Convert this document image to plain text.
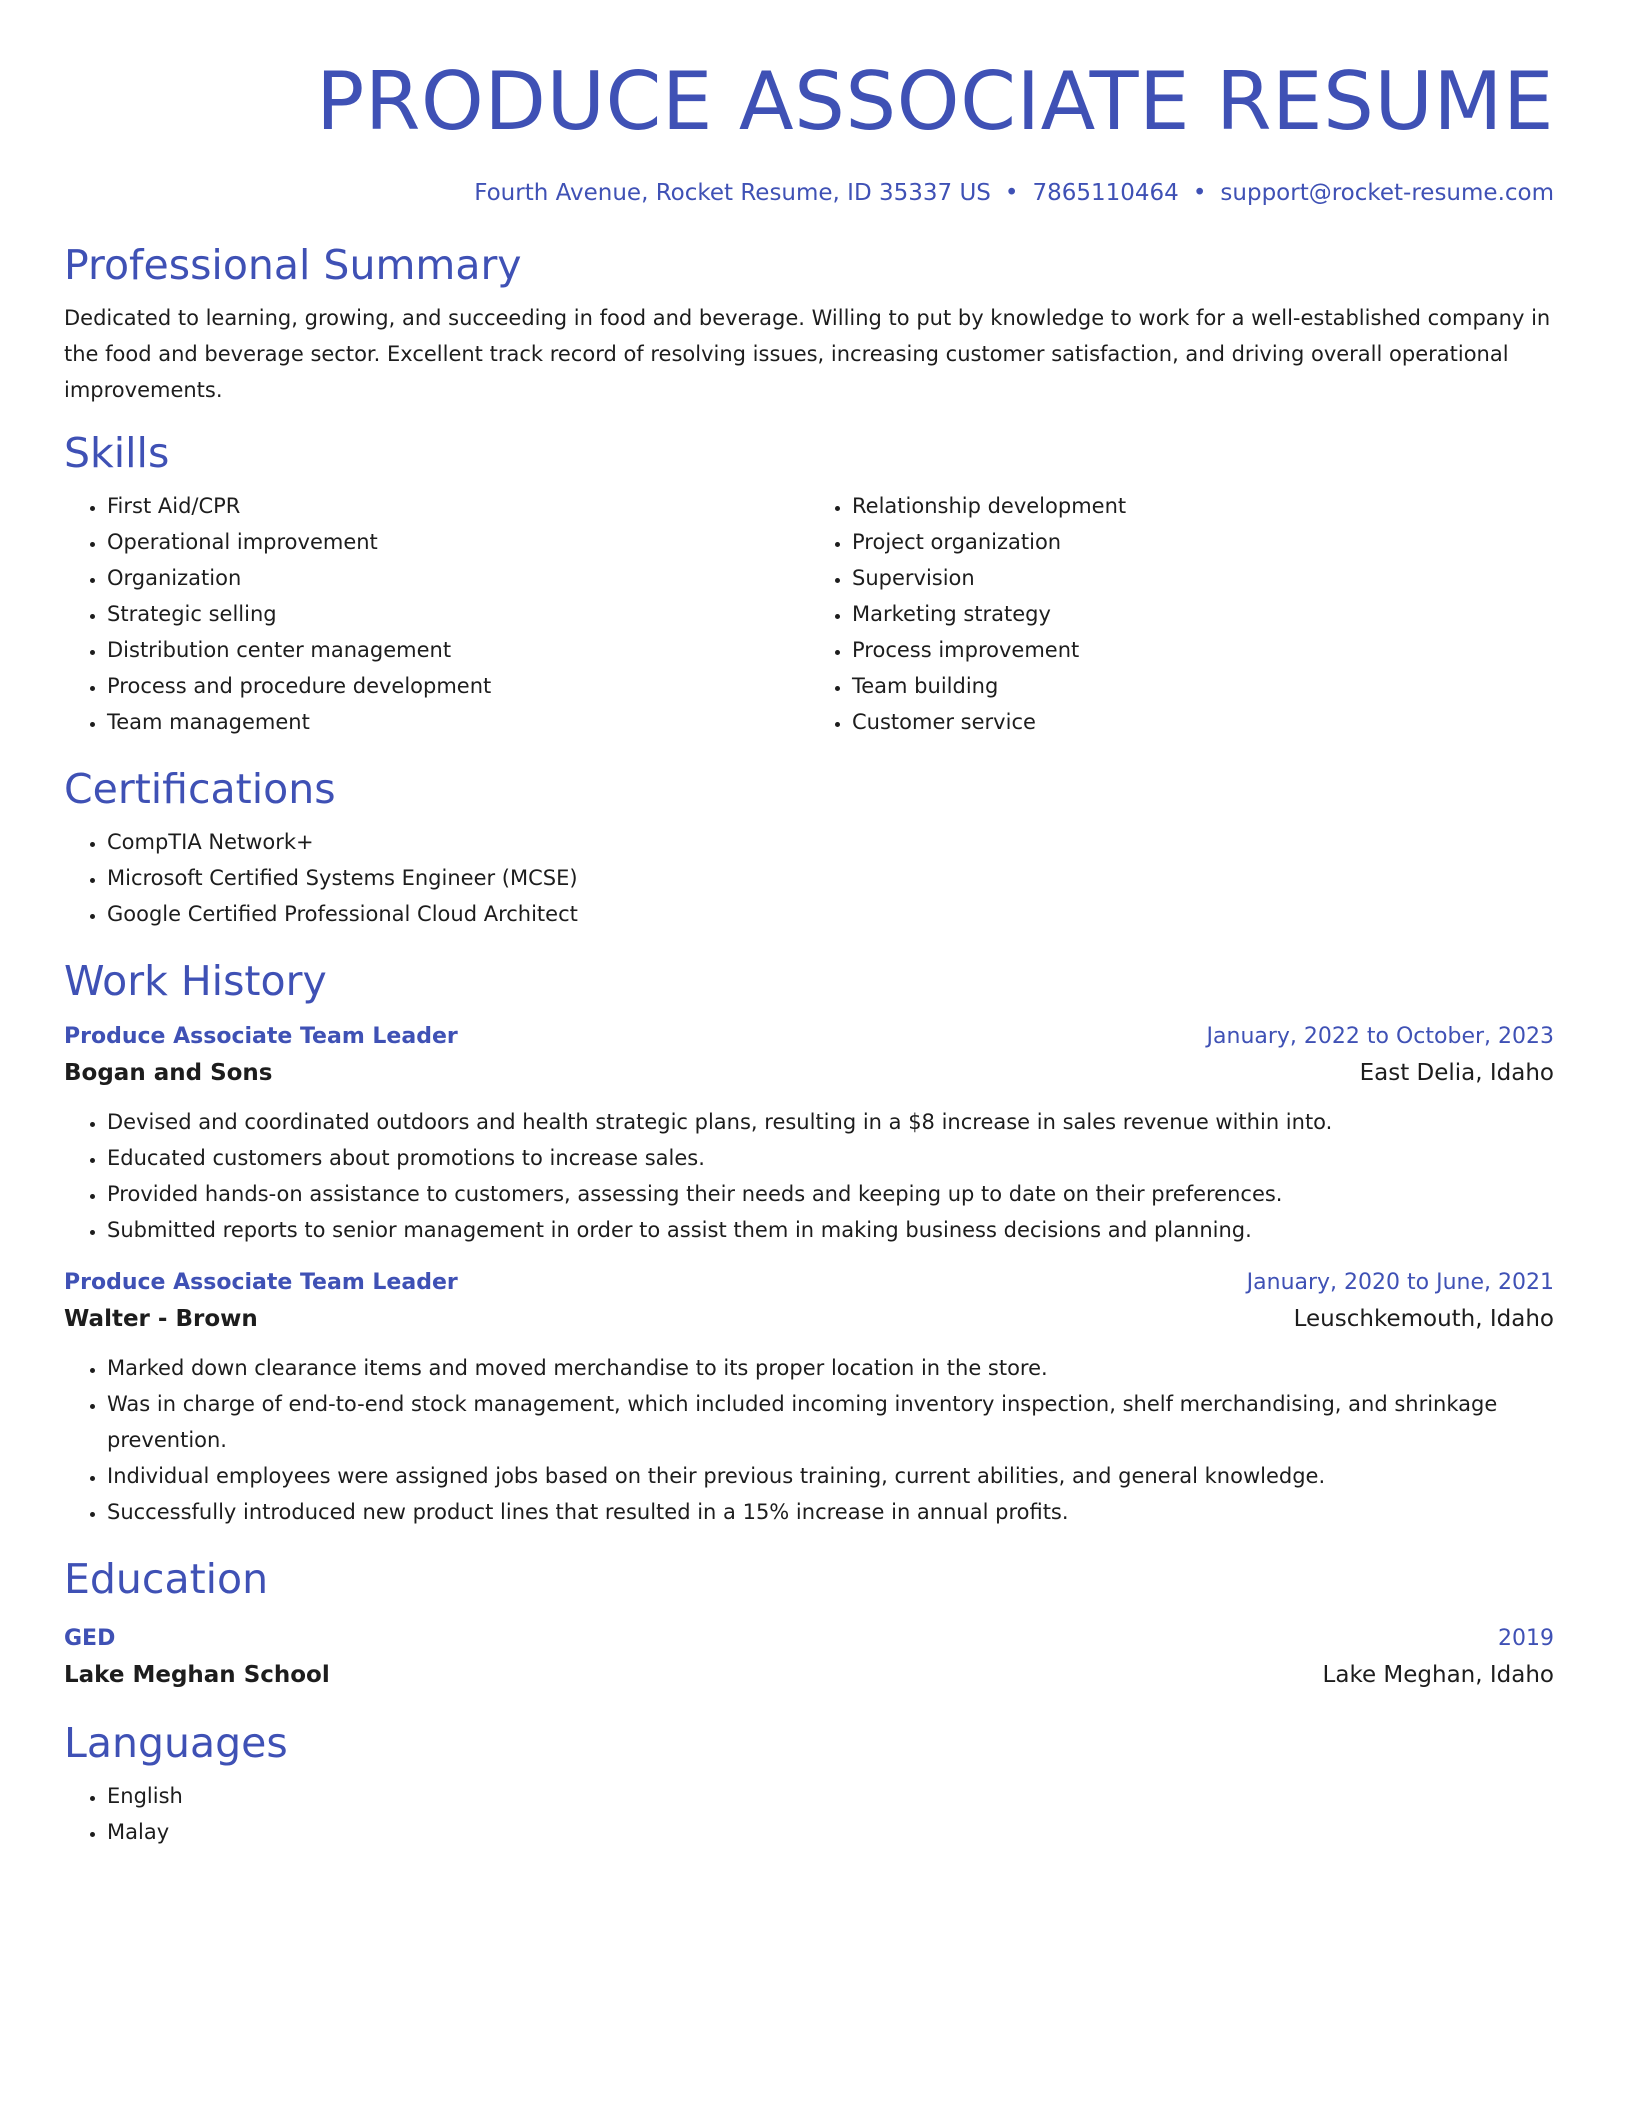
PRODUCE ASSOCIATE RESUME
Fourth Avenue, Rocket Resume, ID 35337 US • 7865110464 • support@rocket-resume.com
Professional Summary

Dedicated to learning, growing, and succeeding in food and beverage. Willing to put by knowledge to work for a well-established company in the food and beverage sector. Excellent track record of resolving issues, increasing customer satisfaction, and driving overall operational improvements.

Skills
• First Aid/CPR
• Operational improvement
• Organization
• Strategic selling
• Distribution center management
• Process and procedure development
• Team management
• Relationship development
• Project organization
• Supervision
• Marketing strategy
• Process improvement
• Team building
• Customer service
Certifications
• CompTIA Network+
• Microsoft Certified Systems Engineer (MCSE)
• Google Certified Professional Cloud Architect
Work History
Produce Associate Team Leader	January, 2022 to October, 2023
Bogan and Sons	East Delia, Idaho
• Devised and coordinated outdoors and health strategic plans, resulting in a $8 increase in sales revenue within into.
• Educated customers about promotions to increase sales.
• Provided hands-on assistance to customers, assessing their needs and keeping up to date on their preferences.
• Submitted reports to senior management in order to assist them in making business decisions and planning.
Produce Associate Team Leader	January, 2020 to June, 2021
Walter - Brown	Leuschkemouth, Idaho
• Marked down clearance items and moved merchandise to its proper location in the store.
• Was in charge of end-to-end stock management, which included incoming inventory inspection, shelf merchandising, and shrinkage prevention.
• Individual employees were assigned jobs based on their previous training, current abilities, and general knowledge.
• Successfully introduced new product lines that resulted in a 15% increase in annual profits.
Education
GED	2019
Lake Meghan School	Lake Meghan, Idaho
Languages
• English
• Malay
